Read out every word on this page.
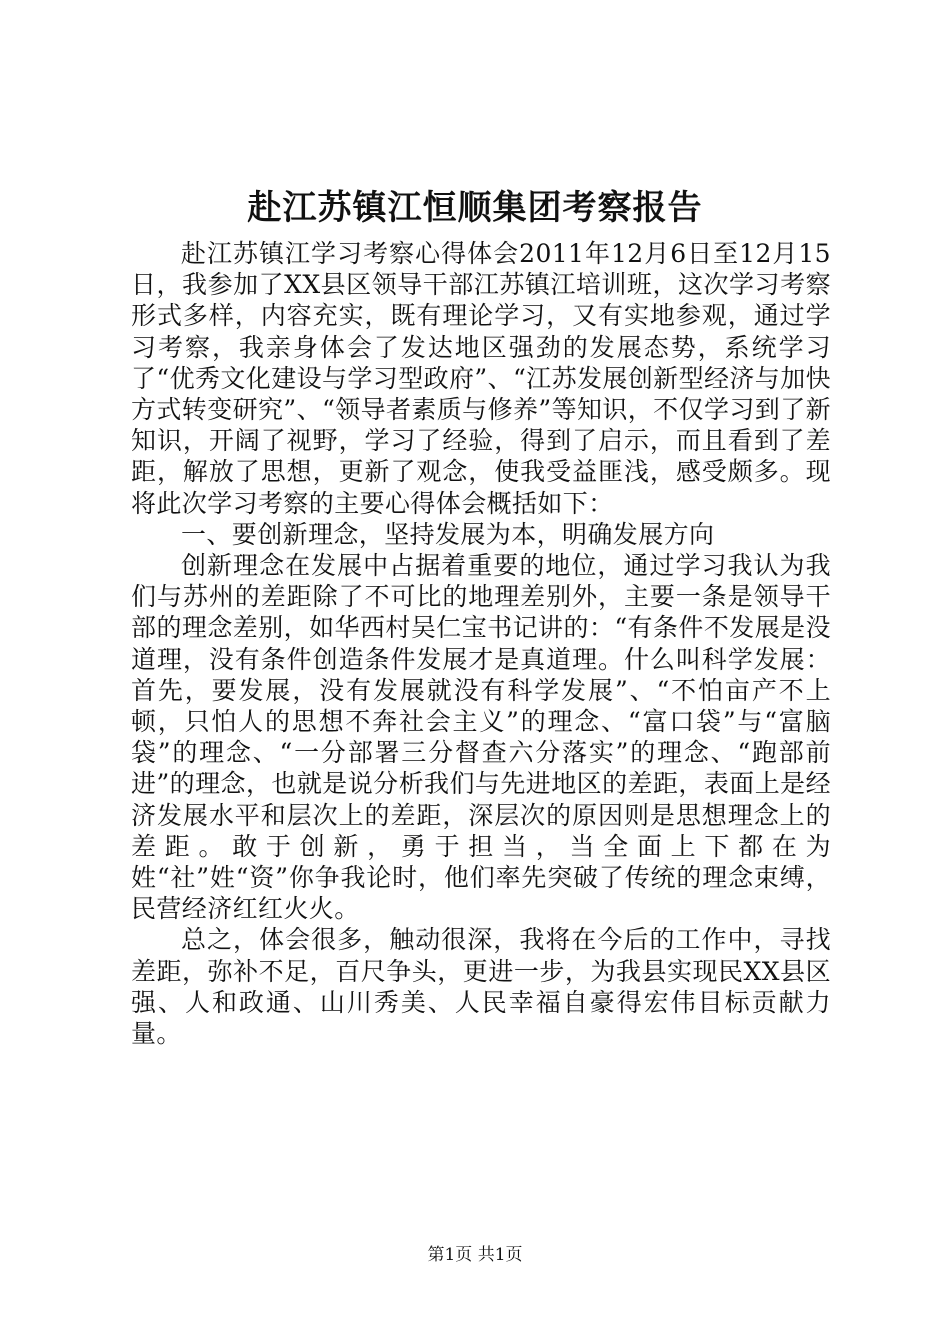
赴江苏镇江恒顺集团考察报告

赴江苏镇江学习考察心得体会2011年12月6日至12月15日，我参加了XX县区领导干部江苏镇江培训班，这次学习考察形式多样，内容充实，既有理论学习，又有实地参观，通过学习考察，我亲身体会了发达地区强劲的发展态势，系统学习了“优秀文化建设与学习型政府”、“江苏发展创新型经济与加快方式转变研究”、“领导者素质与修养”等知识，不仅学习到了新知识，开阔了视野，学习了经验，得到了启示，而且看到了差距，解放了思想，更新了观念，使我受益匪浅，感受颇多。现将此次学习考察的主要心得体会概括如下：

一、要创新理念，坚持发展为本，明确发展方向

创新理念在发展中占据着重要的地位，通过学习我认为我们与苏州的差距除了不可比的地理差别外，主要一条是领导干部的理念差别，如华西村吴仁宝书记讲的：“有条件不发展是没道理，没有条件创造条件发展才是真道理。什么叫科学发展：首先，要发展，没有发展就没有科学发展”、“不怕亩产不上顿，只怕人的思想不奔社会主义”的理念、“富口袋”与“富脑袋”的理念、“一分部署三分督查六分落实”的理念、“跑部前进”的理念，也就是说分析我们与先进地区的差距，表面上是经济发展水平和层次上的差距，深层次的原因则是思想理念上的差距。敢于创新，勇于担当，当全面上下都在为姓“社”姓“资”你争我论时，他们率先突破了传统的理念束缚，民营经济红红火火。

总之，体会很多，触动很深，我将在今后的工作中，寻找差距，弥补不足，百尺争头，更进一步，为我县实现民XX县区强、人和政通、山川秀美、人民幸福自豪得宏伟目标贡献力量。

第1页 共1页
